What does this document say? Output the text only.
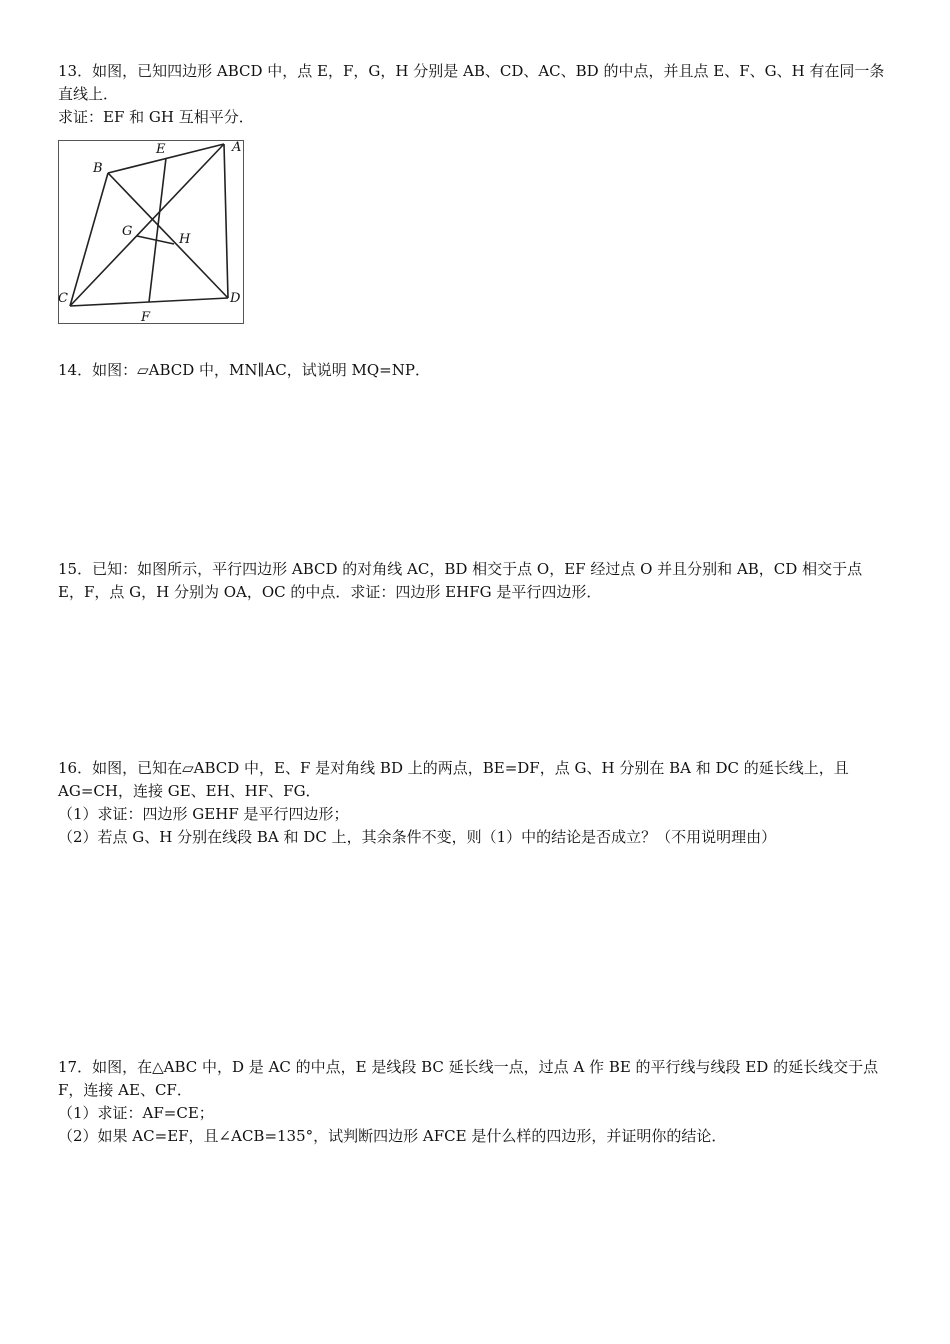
13．如图，已知四边形 ABCD 中，点 E，F，G，H 分别是 AB、CD、AC、BD 的中点，并且点 E、F、G、H 有在同一条直线上．

求证：EF 和 GH 互相平分．

B
E	A
G
H
C	D
F

14．如图：▱ABCD 中，MN∥AC，试说明 MQ=NP．

15．已知：如图所示，平行四边形 ABCD 的对角线 AC，BD 相交于点 O，EF 经过点 O 并且分别和 AB，CD 相交于点 E，F，点 G，H 分别为 OA，OC 的中点．求证：四边形 EHFG 是平行四边形．

16．如图，已知在▱ABCD 中，E、F 是对角线 BD 上的两点，BE=DF，点 G、H 分别在 BA 和 DC 的延长线上，且 AG=CH，连接 GE、EH、HF、FG．

（1）求证：四边形 GEHF 是平行四边形；

（2）若点 G、H 分别在线段 BA 和 DC 上，其余条件不变，则（1）中的结论是否成立？（不用说明理由）

17．如图，在△ABC 中，D 是 AC 的中点，E 是线段 BC 延长线一点，过点 A 作 BE 的平行线与线段 ED 的延长线交于点 F，连接 AE、CF．

（1）求证：AF=CE；

（2）如果 AC=EF，且∠ACB=135°，试判断四边形 AFCE 是什么样的四边形，并证明你的结论．
